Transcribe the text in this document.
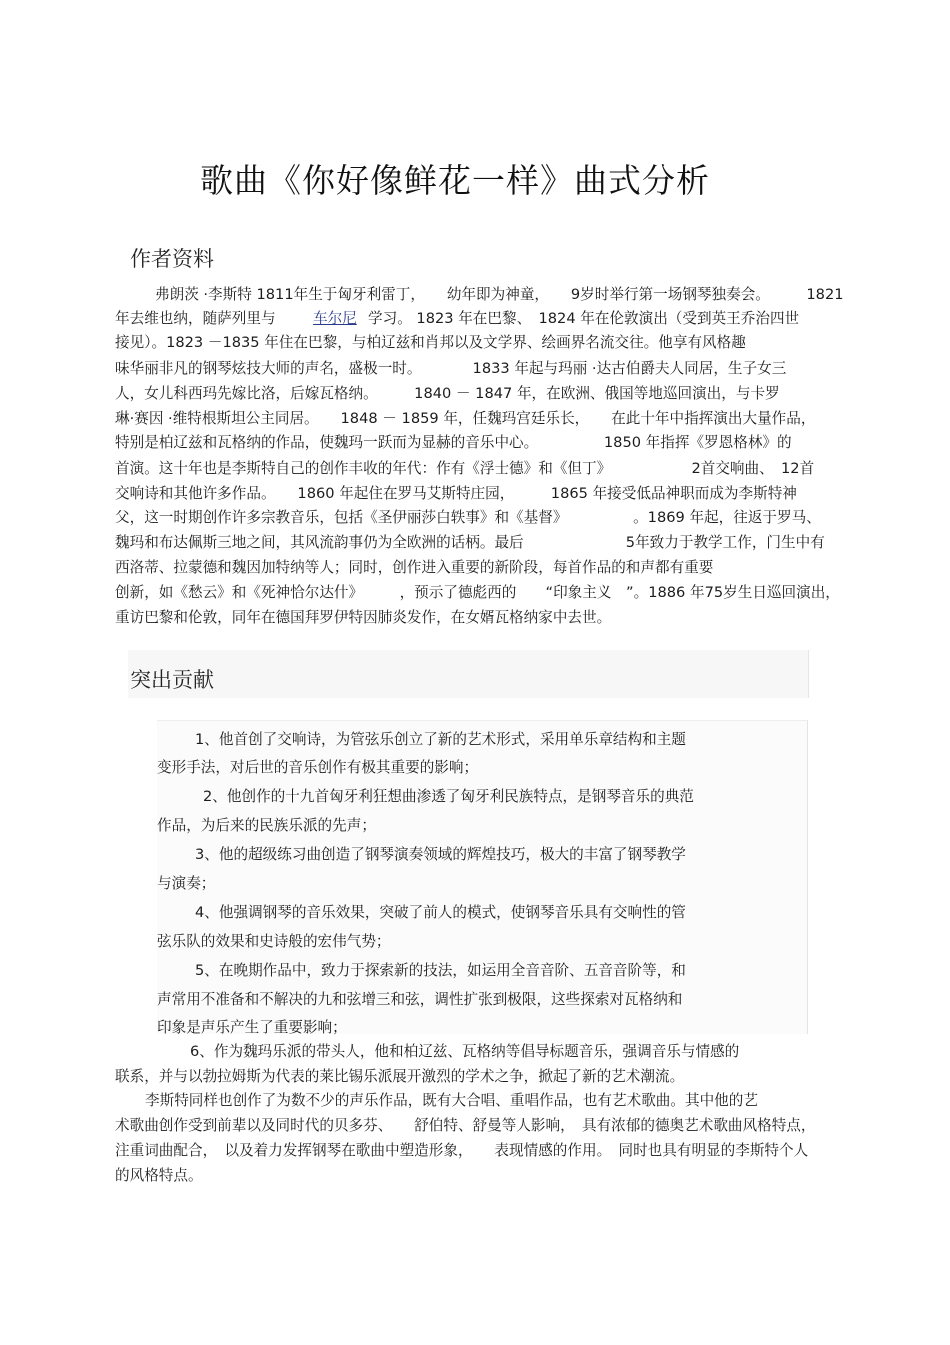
歌曲《你好像鲜花一样》曲式分析
作者资料
弗朗茨 ·李斯特 1811年生于匈牙利雷丁，　　幼年即为神童，　　9岁时举行第一场钢琴独奏会。　　　1821
年去维也纳，随萨列里与	车尔尼 学习。 1823 年在巴黎、　1824 年在伦敦演出（受到英王乔治四世
接见）。1823 －1835 年住在巴黎，与柏辽兹和肖邦以及文学界、绘画界名流交往。他享有风格趣
味华丽非凡的钢琴炫技大师的声名，盛极一时。　　　　1833 年起与玛丽 ·达古伯爵夫人同居，生子女三
人，女儿科西玛先嫁比洛，后嫁瓦格纳。　　　1840 － 1847 年，在欧洲、俄国等地巡回演出，与卡罗
琳·赛因 ·维特根斯坦公主同居。　　1848 － 1859 年，任魏玛宫廷乐长，　　在此十年中指挥演出大量作品，
特别是柏辽兹和瓦格纳的作品，使魏玛一跃而为显赫的音乐中心。　　　　　1850 年指挥《罗恩格林》的
首演。这十年也是李斯特自己的创作丰收的年代：作有《浮士德》和《但丁》　　　　　　2首交响曲、　12首
交响诗和其他许多作品。　　1860 年起住在罗马艾斯特庄园，　　　1865 年接受低品神职而成为李斯特神
父，这一时期创作许多宗教音乐，包括《圣伊丽莎白轶事》和《基督》　　　　　。1869 年起，往返于罗马、
魏玛和布达佩斯三地之间，其风流韵事仍为全欧洲的话柄。最后　　　　　　　5年致力于教学工作，门生中有
西洛蒂、拉蒙德和魏因加特纳等人；同时，创作进入重要的新阶段，每首作品的和声都有重要
创新，如《愁云》和《死神恰尔达什》　　　，预示了德彪西的　　“印象主义　”。1886 年75岁生日巡回演出，
重访巴黎和伦敦，同年在德国拜罗伊特因肺炎发作，在女婿瓦格纳家中去世。
突出贡献
1、他首创了交响诗，为管弦乐创立了新的艺术形式，采用单乐章结构和主题
变形手法，对后世的音乐创作有极其重要的影响；
2、他创作的十九首匈牙利狂想曲渗透了匈牙利民族特点，是钢琴音乐的典范
作品，为后来的民族乐派的先声；
3、他的超级练习曲创造了钢琴演奏领域的辉煌技巧，极大的丰富了钢琴教学
与演奏；
4、他强调钢琴的音乐效果，突破了前人的模式，使钢琴音乐具有交响性的管
弦乐队的效果和史诗般的宏伟气势；
5、在晚期作品中，致力于探索新的技法，如运用全音音阶、五音音阶等，和
声常用不准备和不解决的九和弦增三和弦，调性扩张到极限，这些探索对瓦格纳和
印象是声乐产生了重要影响；
6、作为魏玛乐派的带头人，他和柏辽兹、瓦格纳等倡导标题音乐，强调音乐与情感的
联系，并与以勃拉姆斯为代表的莱比锡乐派展开激烈的学术之争，掀起了新的艺术潮流。
李斯特同样也创作了为数不少的声乐作品，既有大合唱、重唱作品，也有艺术歌曲。其中他的艺
术歌曲创作受到前辈以及同时代的贝多芬、　　舒伯特、舒曼等人影响，　具有浓郁的德奥艺术歌曲风格特点，
注重词曲配合，　以及着力发挥钢琴在歌曲中塑造形象，　　表现情感的作用。　同时也具有明显的李斯特个人
的风格特点。
